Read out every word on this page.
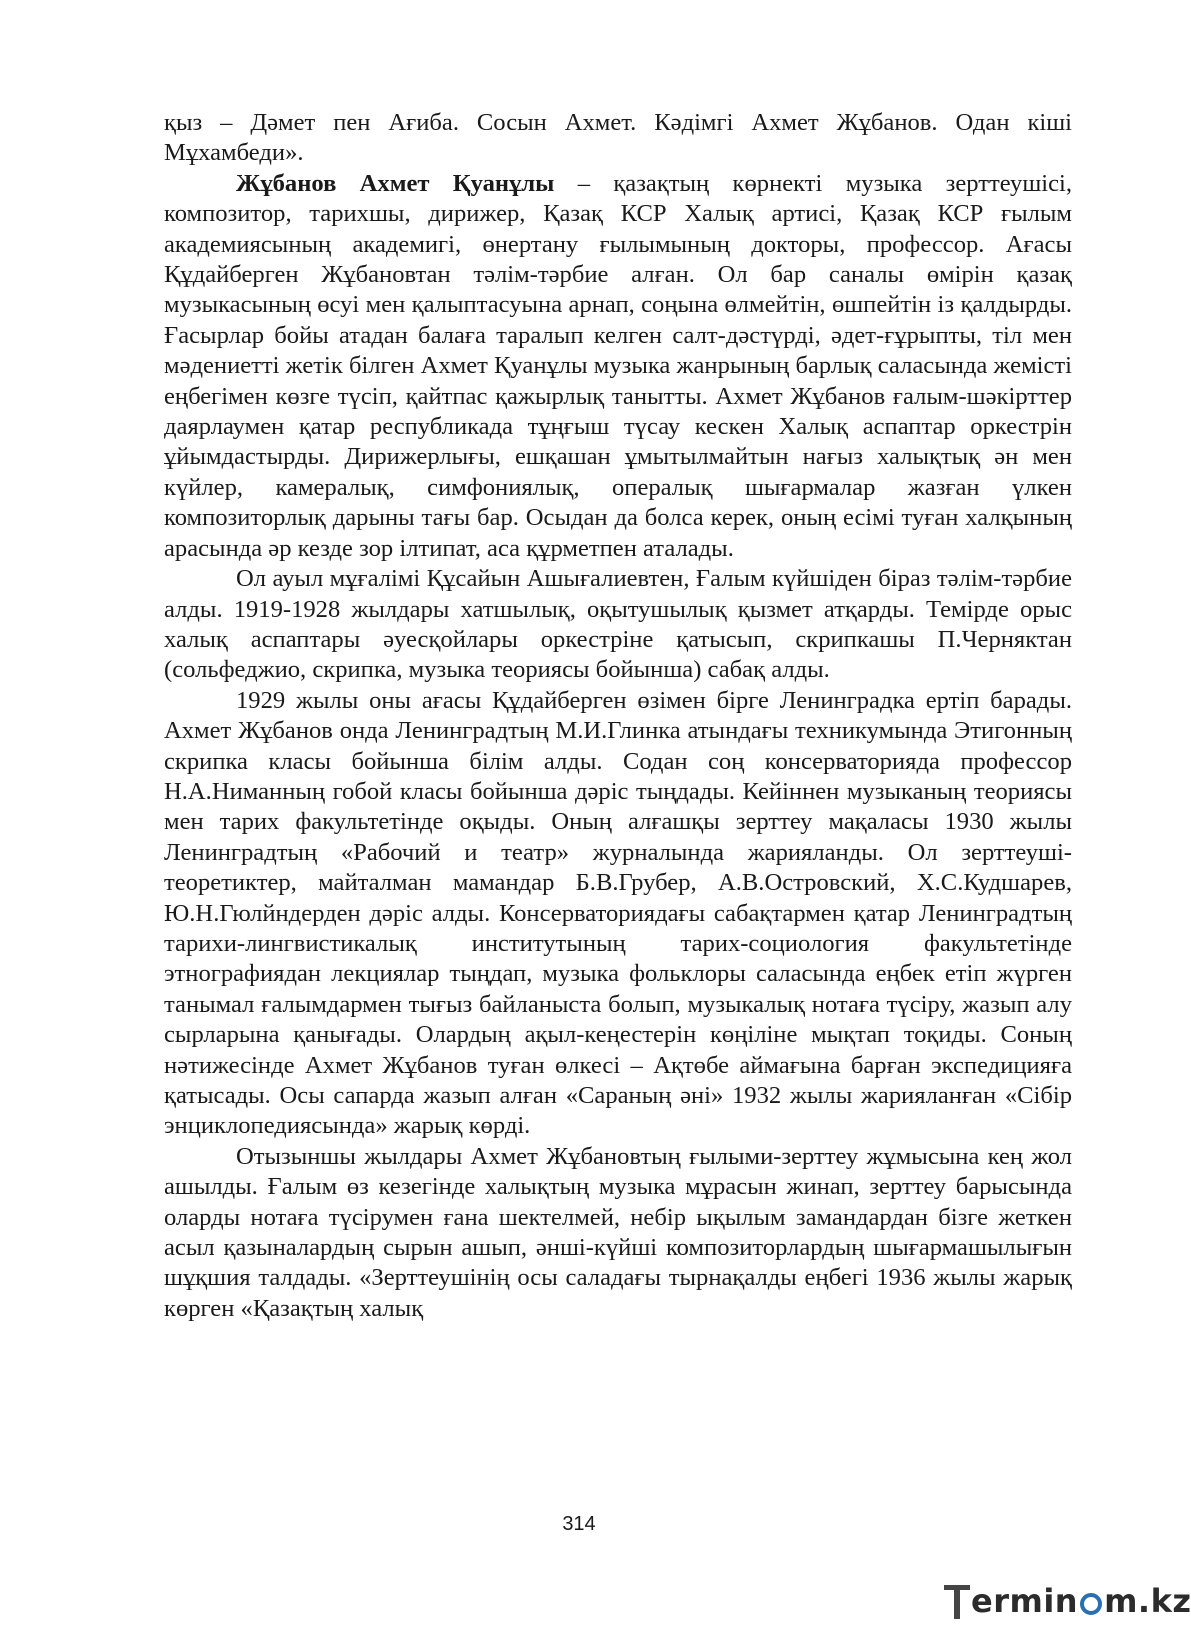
қыз – Дәмет пен Ағиба. Сосын Ахмет. Кәдімгі Ахмет Жұбанов. Одан кіші Мұхамбеди».

Жұбанов Ахмет Қуанұлы – қазақтың көрнекті музыка зерттеушісі, композитор, тарихшы, дирижер, Қазақ КСР Халық артисі, Қазақ КСР ғылым академиясының академигі, өнертану ғылымының докторы, профессор. Ағасы Құдайберген Жұбановтан тәлім-тәрбие алған. Ол бар саналы өмірін қазақ музыкасының өсуі мен қалыптасуына арнап, соңына өлмейтін, өшпейтін із қалдырды. Ғасырлар бойы атадан балаға таралып келген салт-дәстүрді, әдет-ғұрыпты, тіл мен мәдениетті жетік білген Ахмет Қуанұлы музыка жанрының барлық саласында жемісті еңбегімен көзге түсіп, қайтпас қажырлық танытты. Ахмет Жұбанов ғалым-шәкірттер даярлаумен қатар республикада тұңғыш түсау кескен Халық аспаптар оркестрін ұйымдастырды. Дирижерлығы, ешқашан ұмытылмайтын нағыз халықтық ән мен күйлер, камералық, симфониялық, опералық шығармалар жазған үлкен композиторлық дарыны тағы бар. Осыдан да болса керек, оның есімі туған халқының арасында әр кезде зор ілтипат, аса құрметпен аталады.

Ол ауыл мұғалімі Құсайын Ашығалиевтен, Ғалым күйшіден біраз тәлім-тәрбие алды. 1919-1928 жылдары хатшылық, оқытушылық қызмет атқарды. Темірде орыс халық аспаптары әуесқойлары оркестріне қатысып, скрипкашы П.Черняктан (сольфеджио, скрипка, музыка теориясы бойынша) сабақ алды.

1929 жылы оны ағасы Құдайберген өзімен бірге Ленинградка ертіп барады. Ахмет Жұбанов онда Ленинградтың М.И.Глинка атындағы техникумында Этигонның скрипка класы бойынша білім алды. Содан соң консерваторияда профессор Н.А.Ниманның гобой класы бойынша дәріс тыңдады. Кейіннен музыканың теориясы мен тарих факультетінде оқыды. Оның алғашқы зерттеу мақаласы 1930 жылы Ленинградтың «Рабочий и театр» журналында жарияланды. Ол зерттеуші-теоретиктер, майталман мамандар Б.В.Грубер, А.В.Островский, Х.С.Кудшарев, Ю.Н.Гюлйндерден дәріс алды. Консерваториядағы сабақтармен қатар Ленинградтың тарихи-лингвистикалық институтының тарих-социология факультетінде этнографиядан лекциялар тыңдап, музыка фольклоры саласында еңбек етіп жүрген танымал ғалымдармен тығыз байланыста болып, музыкалық нотаға түсіру, жазып алу сырларына қанығады. Олардың ақыл-кеңестерін көңіліне мықтап тоқиды. Соның нәтижесінде Ахмет Жұбанов туған өлкесі – Ақтөбе аймағына барған экспедицияға қатысады. Осы сапарда жазып алған «Сараның әні» 1932 жылы жарияланған «Сібір энциклопедиясында» жарық көрді.

Отызыншы жылдары Ахмет Жұбановтың ғылыми-зерттеу жұмысына кең жол ашылды. Ғалым өз кезегінде халықтың музыка мұрасын жинап, зерттеу барысында оларды нотаға түсірумен ғана шектелмей, небір ықылым замандардан бізге жеткен асыл қазыналардың сырын ашып, әнші-күйші композиторлардың шығармашылығын шұқшия талдады. «Зерттеушінің осы саладағы тырнақалды еңбегі 1936 жылы жарық көрген «Қазақтың халық

314
ermin m.kz
